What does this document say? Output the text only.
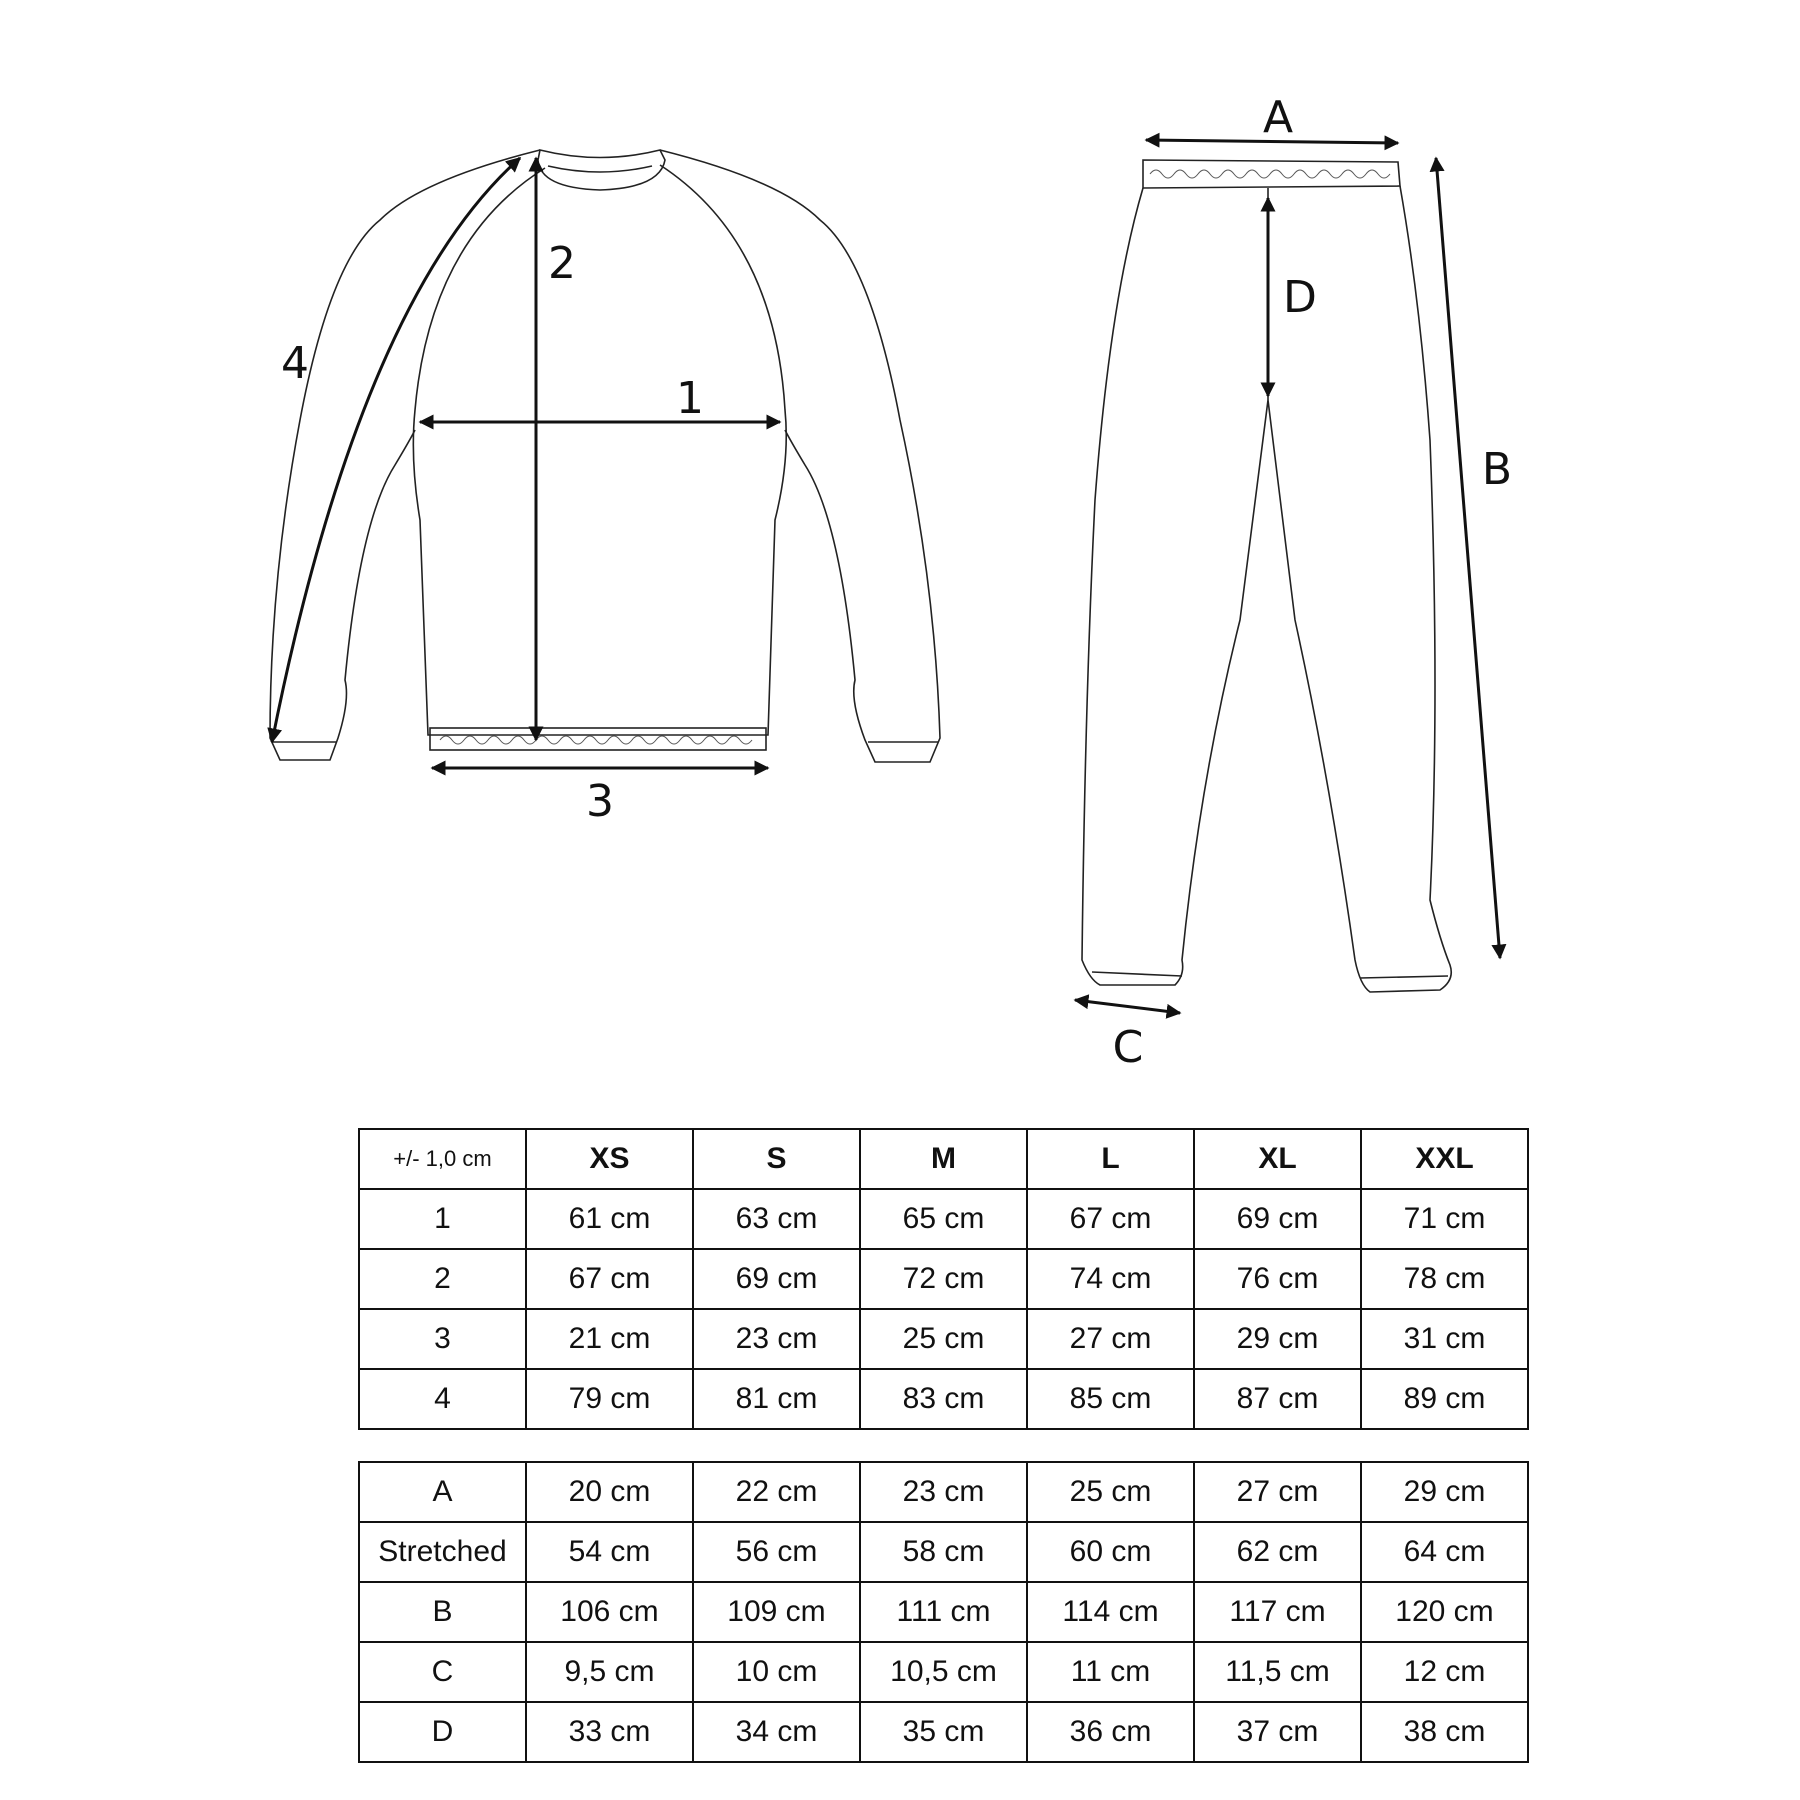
1
2
3
4
A
B
C
D
+/- 1,0 cm	XS	S	M	L	XL	XXL
1	61 cm	63 cm	65 cm	67 cm	69 cm	71 cm
2	67 cm	69 cm	72 cm	74 cm	76 cm	78 cm
3	21 cm	23 cm	25 cm	27 cm	29 cm	31 cm
4	79 cm	81 cm	83 cm	85 cm	87 cm	89 cm
A	20 cm	22 cm	23 cm	25 cm	27 cm	29 cm
Stretched	54 cm	56 cm	58 cm	60 cm	62 cm	64 cm
B	106 cm	109 cm	111 cm	114 cm	117 cm	120 cm
C	9,5 cm	10 cm	10,5 cm	11 cm	11,5 cm	12 cm
D	33 cm	34 cm	35 cm	36 cm	37 cm	38 cm
